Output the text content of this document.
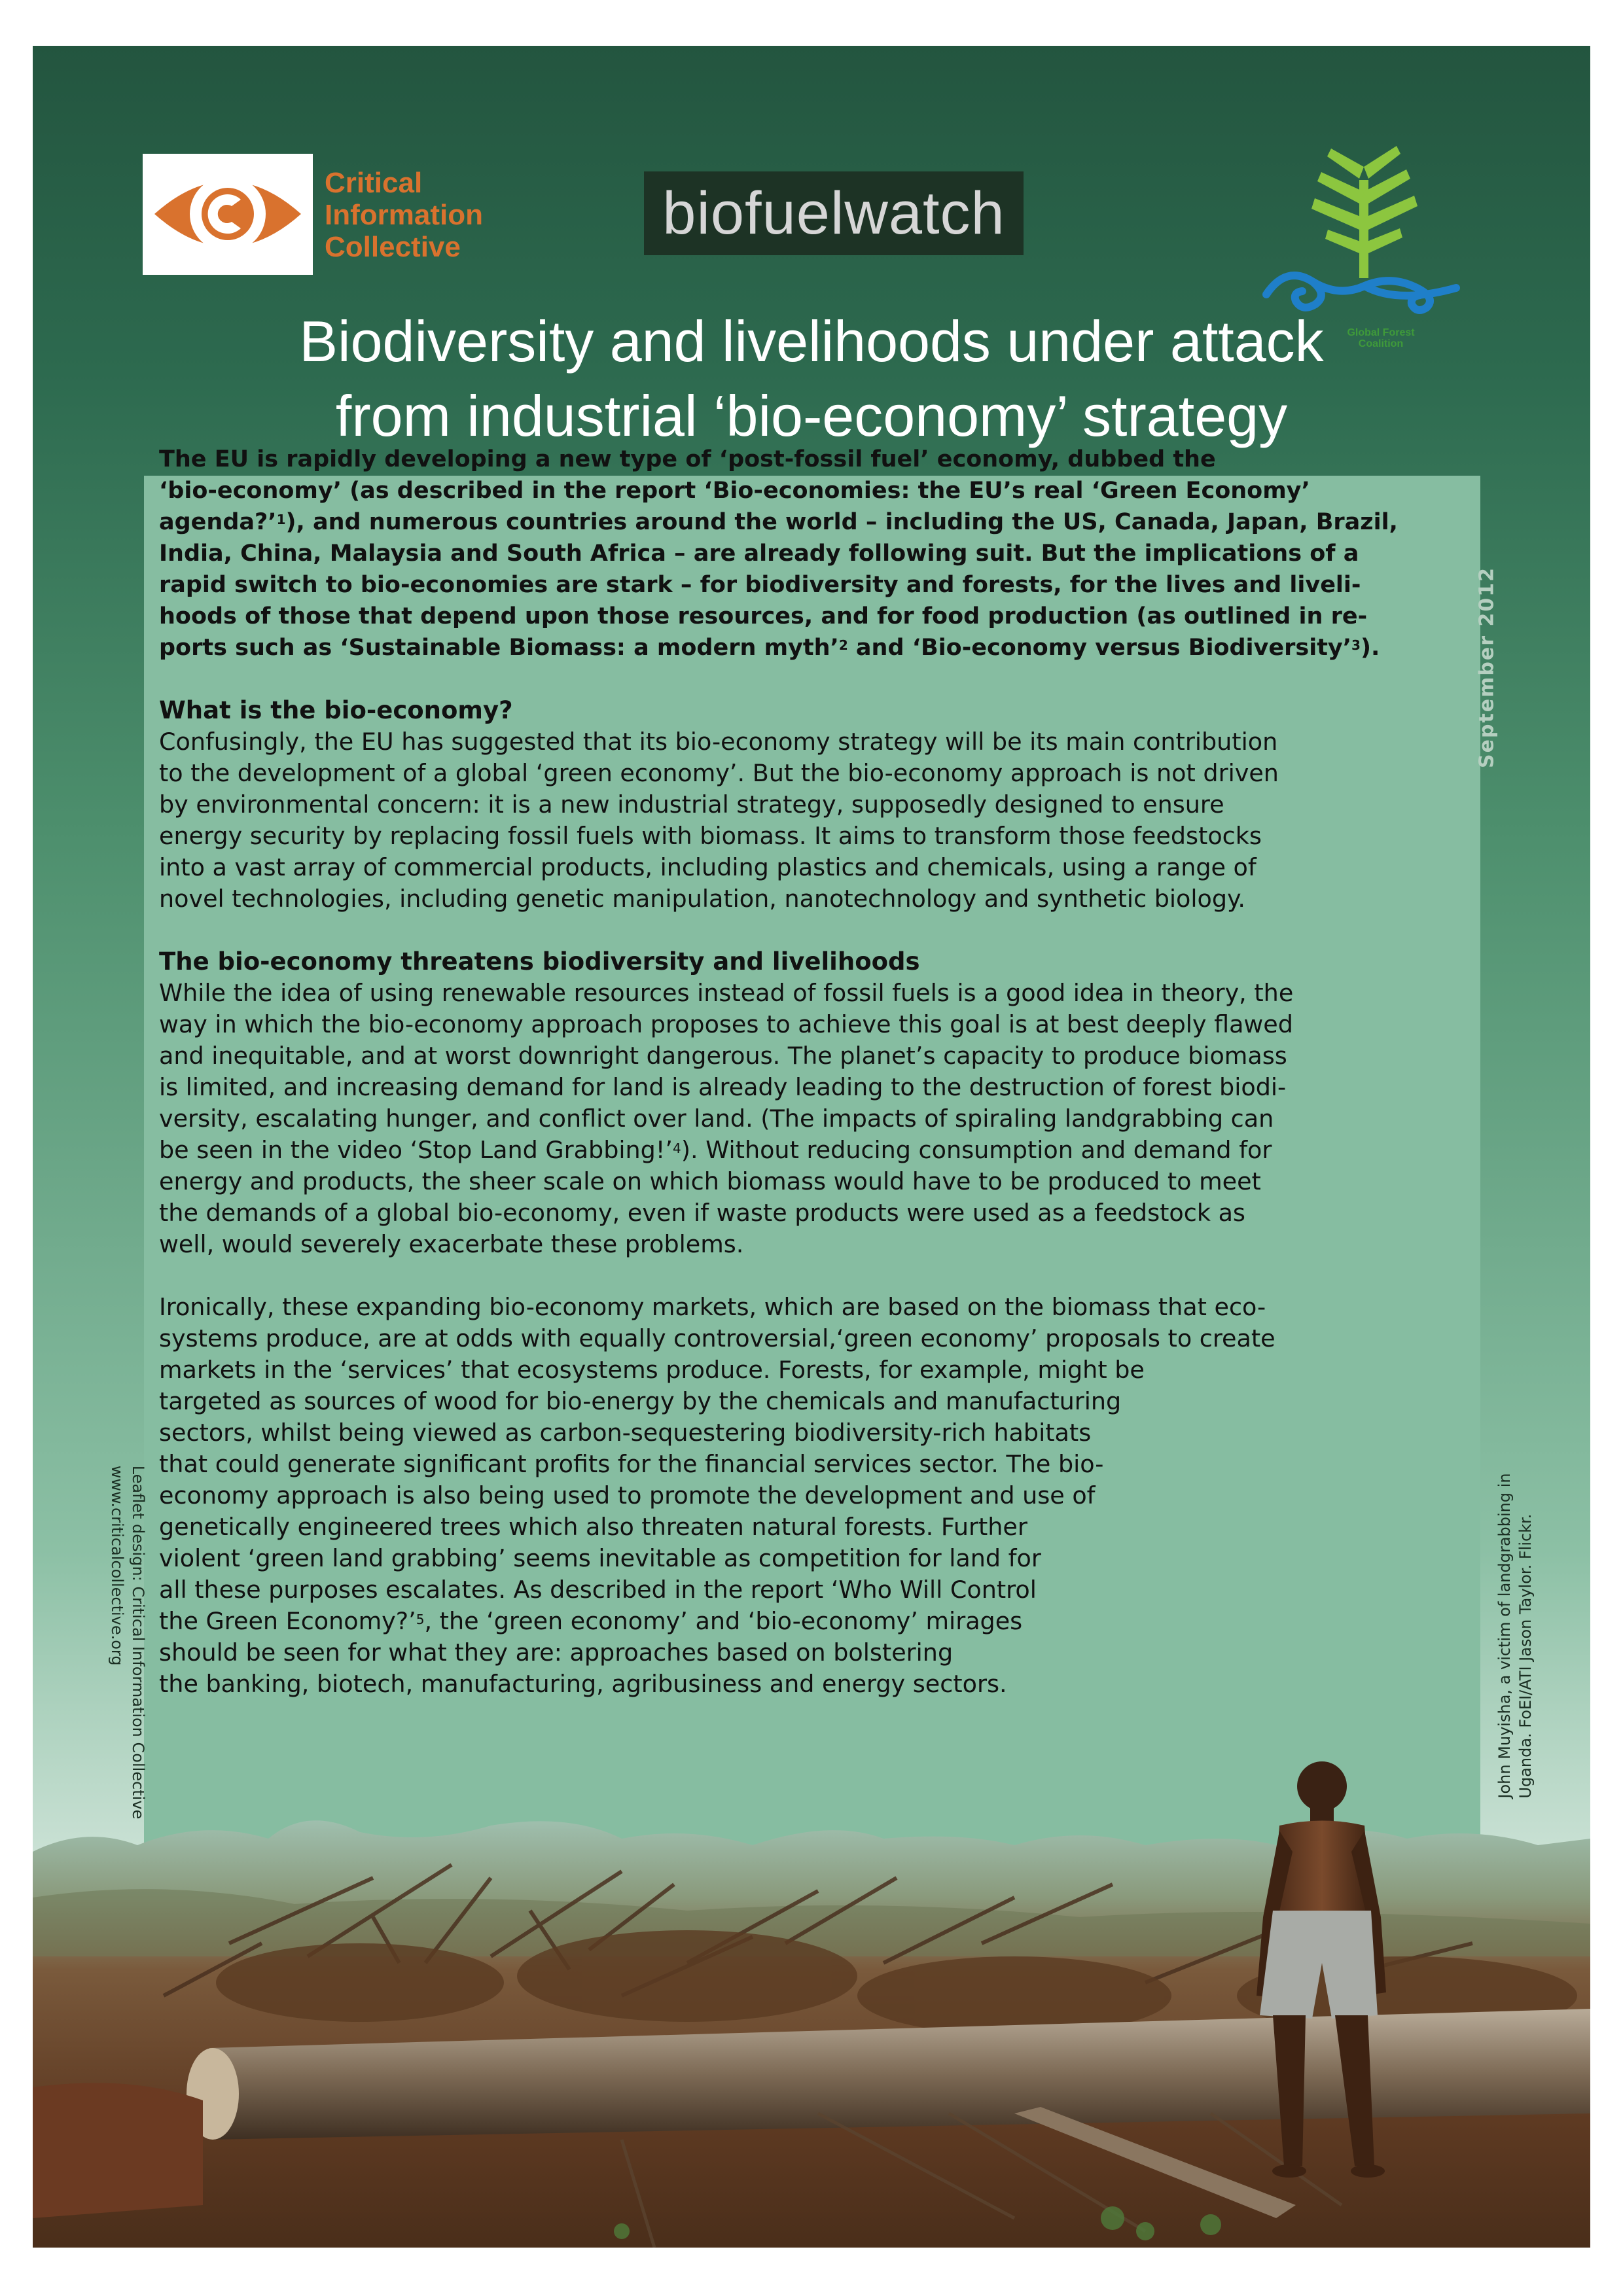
Critical
Information
Collective
biofuelwatch
Global Forest
Coalition
Biodiversity and livelihoods under attack
from industrial ‘bio-economy’ strategy
September 2012
Leaflet design: Critical Information Collective
www.criticalcollective.org	John Muyisha, a victim of landgrabbing in Uganda. FoEI/ATI Jason Taylor. Flickr.
The EU is rapidly developing a new type of ‘post-fossil fuel’ economy, dubbed the
‘bio-economy’ (as described in the report ‘Bio-economies: the EU’s real ‘Green Economy’
agenda?’$^1$), and numerous countries around the world – including the US, Canada, Japan, Brazil,
India, China, Malaysia and South Africa – are already following suit. But the implications of a
rapid switch to bio-economies are stark – for biodiversity and forests, for the lives and liveli-
hoods of those that depend upon those resources, and for food production (as outlined in re-
ports such as ‘Sustainable Biomass: a modern myth’$^2$ and ‘Bio-economy versus Biodiversity’$^3$).
What is the bio-economy?
Confusingly, the EU has suggested that its bio-economy strategy will be its main contribution
to the development of a global ‘green economy’. But the bio-economy approach is not driven
by environmental concern: it is a new industrial strategy, supposedly designed to ensure
energy security by replacing fossil fuels with biomass. It aims to transform those feedstocks
into a vast array of commercial products, including plastics and chemicals, using a range of
novel technologies, including genetic manipulation, nanotechnology and synthetic biology.
The bio-economy threatens biodiversity and livelihoods
While the idea of using renewable resources instead of fossil fuels is a good idea in theory, the
way in which the bio-economy approach proposes to achieve this goal is at best deeply flawed
and inequitable, and at worst downright dangerous. The planet’s capacity to produce biomass
is limited, and increasing demand for land is already leading to the destruction of forest biodi-
versity, escalating hunger, and conflict over land. (The impacts of spiraling landgrabbing can
be seen in the video ‘Stop Land Grabbing!’$^4$). Without reducing consumption and demand for
energy and products, the sheer scale on which biomass would have to be produced to meet
the demands of a global bio-economy, even if waste products were used as a feedstock as
well, would severely exacerbate these problems.
Ironically, these expanding bio-economy markets, which are based on the biomass that eco-
systems produce, are at odds with equally controversial,‘green economy’ proposals to create
markets in the ‘services’ that ecosystems produce. Forests, for example, might be
targeted as sources of wood for bio-energy by the chemicals and manufacturing
sectors, whilst being viewed as carbon-sequestering biodiversity-rich habitats
that could generate significant profits for the financial services sector. The bio-
economy approach is also being used to promote the development and use of
genetically engineered trees which also threaten natural forests. Further
violent ‘green land grabbing’ seems inevitable as competition for land for
all these purposes escalates. As described in the report ‘Who Will Control
the Green Economy?’$^5$, the ‘green economy’ and ‘bio-economy’ mirages
should be seen for what they are: approaches based on bolstering
the banking, biotech, manufacturing, agribusiness and energy sectors.
